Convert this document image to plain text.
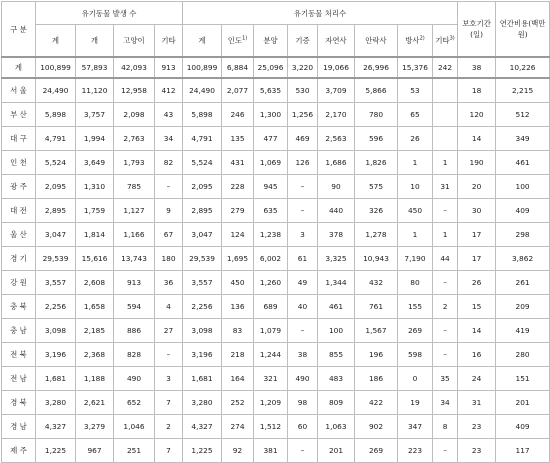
구 분	유기동물 발생 수				유기동물 처리수								보호기간(일)	연간비용(백만원)
	계	개	고양이	기타	계	인도$^{1)}$	분양	기증	자연사	안락사	방사$^{2)}$	기타$^{3)}$
계	100,899	57,893	42,093	913	100,899	6,884	25,096	3,220	19,066	26,996	15,376	242	38	10,226
서 울	24,490	11,120	12,958	412	24,490	2,077	5,635	530	3,709	5,866	53		18	2,215
부 산	5,898	3,757	2,098	43	5,898	246	1,300	1,256	2,170	780	65		120	512
대 구	4,791	1,994	2,763	34	4,791	135	477	469	2,563	596	26		14	349
인 천	5,524	3,649	1,793	82	5,524	431	1,069	126	1,686	1,826	1	1	190	461
광 주	2,095	1,310	785	–	2,095	228	945	–	90	575	10	31	20	100
대 전	2,895	1,759	1,127	9	2,895	279	635	–	440	326	450	–	30	409
울 산	3,047	1,814	1,166	67	3,047	124	1,238	3	378	1,278	1	1	17	298
경 기	29,539	15,616	13,743	180	29,539	1,695	6,002	61	3,325	10,943	7,190	44	17	3,862
강 원	3,557	2,608	913	36	3,557	450	1,260	49	1,344	432	80	–	26	261
충 북	2,256	1,658	594	4	2,256	136	689	40	461	761	155	2	15	209
충 남	3,098	2,185	886	27	3,098	83	1,079	–	100	1,567	269	–	14	419
전 북	3,196	2,368	828	–	3,196	218	1,244	38	855	196	598	–	16	280
전 남	1,681	1,188	490	3	1,681	164	321	490	483	186	0	35	24	151
경 북	3,280	2,621	652	7	3,280	252	1,209	98	809	422	19	34	31	201
경 남	4,327	3,279	1,046	2	4,327	274	1,512	60	1,063	902	347	8	23	409
제 주	1,225	967	251	7	1,225	92	381	–	201	269	223	–	23	117
